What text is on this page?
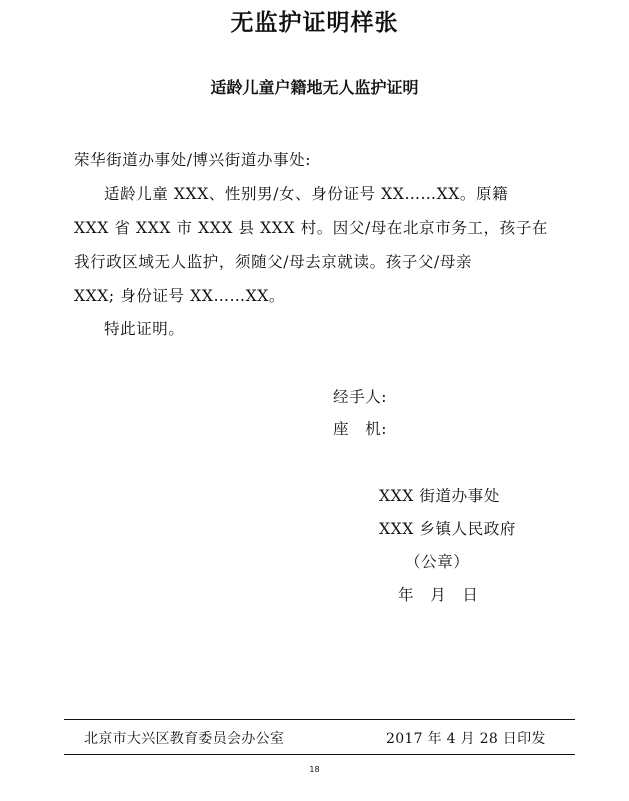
无监护证明样张
适龄儿童户籍地无人监护证明
荣华街道办事处/博兴街道办事处:
适龄儿童 XXX、性别男/女、身份证号 XX……XX。原籍
XXX 省 XXX 市 XXX 县 XXX 村。因父/母在北京市务工，孩子在
我行政区域无人监护，须随父/母去京就读。孩子父/母亲
XXX; 身份证号 XX……XX。
特此证明。
经手人:
座　机:
XXX 街道办事处
XXX 乡镇人民政府
（公章）
年　月　日
北京市大兴区教育委员会办公室	2017 年 4 月 28 日印发
18
